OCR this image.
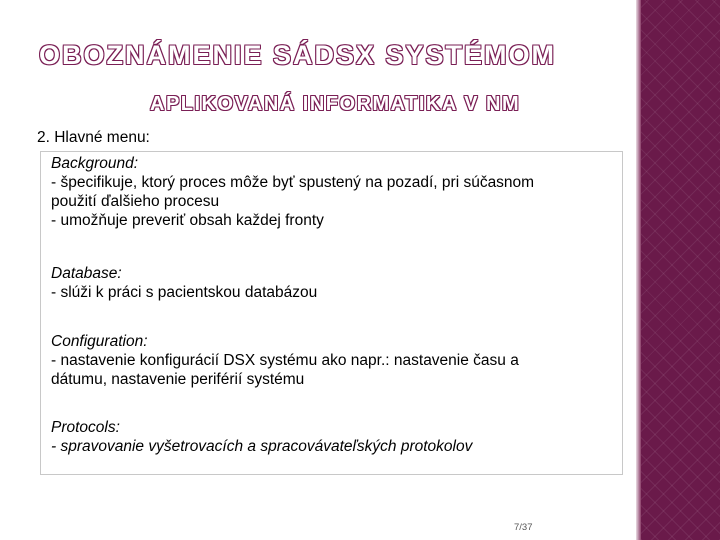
OBOZNÁMENIE SÁDSX SYSTÉMOM
APLIKOVANÁ INFORMATIKA V NM

2. Hlavné menu:

Background:
- špecifikuje, ktorý proces môže byť spustený na pozadí, pri súčasnom
použití ďalšieho procesu
- umožňuje preveriť obsah každej fronty
Database:
- slúži k práci s pacientskou databázou
Configuration:
- nastavenie konfigurácií DSX systému ako napr.: nastavenie času a
dátumu, nastavenie periférií systému
Protocols:
- spravovanie vyšetrovacích a spracovávateľských protokolov
7/37
